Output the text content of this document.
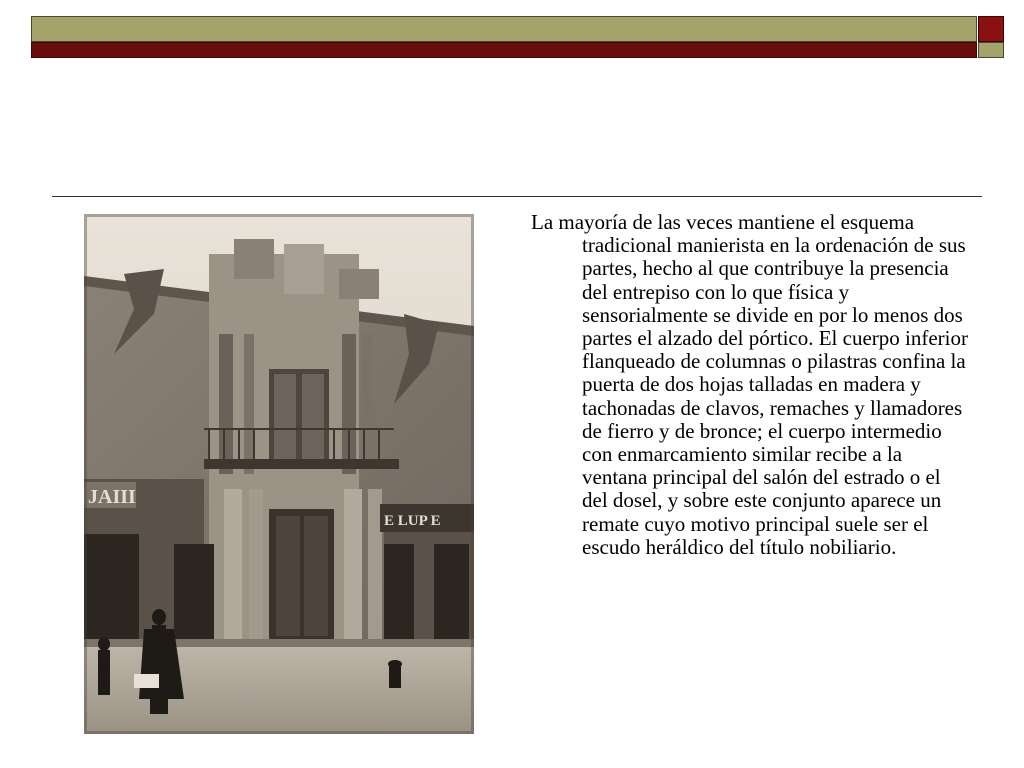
JAIII
E LUP E

La mayoría de las veces mantiene el esquema tradicional manierista en la ordenación de sus partes, hecho al que contribuye la presencia del entrepiso con lo que física y sensorialmente se divide en por lo menos dos partes el alzado del pórtico. El cuerpo inferior flanqueado de columnas o pilastras confina la puerta de dos hojas talladas en madera y tachonadas de clavos, remaches y llamadores de fierro y de bronce; el cuerpo intermedio con enmarcamiento similar recibe a la ventana principal del salón del estrado o el del dosel, y sobre este conjunto aparece un remate cuyo motivo principal suele ser el escudo heráldico del título nobiliario.
